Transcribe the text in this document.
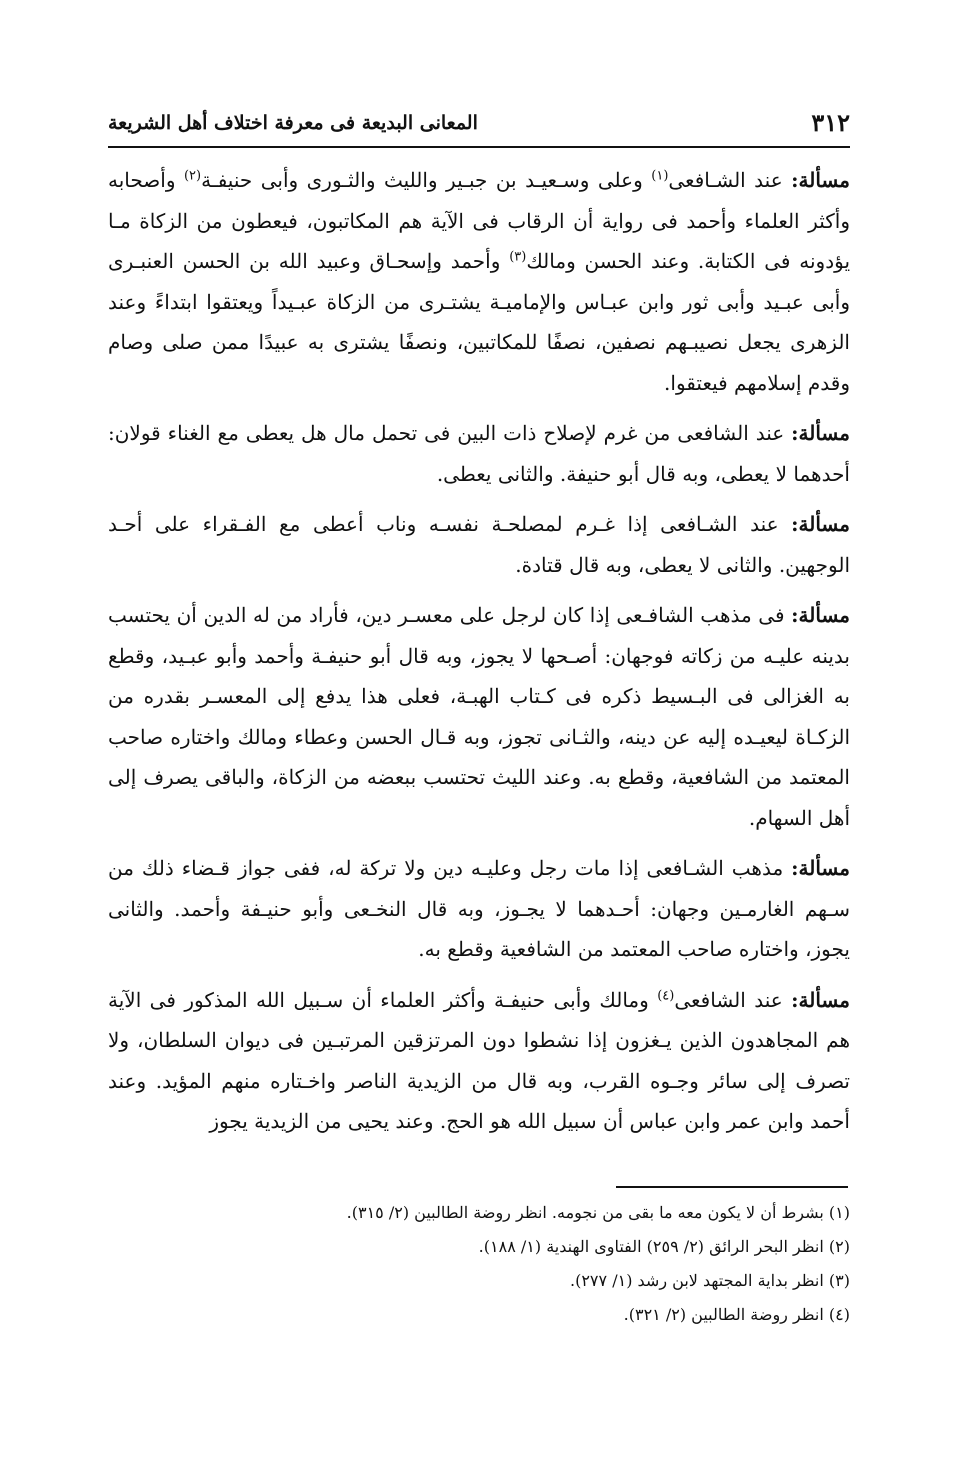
٣١٢
المعانى البديعة فى معرفة اختلاف أهل الشريعة

مسألة: عند الشـافعى$^{(١)}$ وعلى وسـعيـد بن جبـير والليث والثـورى وأبى حنيفـة$^{(٢)}$ وأصحابه وأكثر العلماء وأحمد فى رواية أن الرقاب فى الآية هم المكاتبون، فيعطون من الزكاة مـا يؤدونه فى الكتابة. وعند الحسن ومالك$^{(٣)}$ وأحمد وإسحـاق وعبيد الله بن الحسن العنبـرى وأبى عبـيد وأبى ثور وابن عبـاس والإماميـة يشتـرى من الزكاة عبـيداً ويعتقوا ابتداءً وعند الزهرى يجعل نصيبـهم نصفين، نصفًا للمكاتبين، ونصفًا يشترى به عبيدًا ممن صلى وصام وقدم إسلامهم فيعتقوا.

مسألة: عند الشافعى من غرم لإصلاح ذات البين فى تحمل مال هل يعطى مع الغناء قولان: أحدهما لا يعطى، وبه قال أبو حنيفة. والثانى يعطى.

مسألة: عند الشـافعى إذا غـرم لمصلحـة نفسـه وناب أعطى مع الفـقراء على أحـد الوجهين. والثانى لا يعطى، وبه قال قتادة.

مسألة: فى مذهب الشافـعى إذا كان لرجل على معسـر دين، فأراد من له الدين أن يحتسب بدينه عليـه من زكاته فوجهان: أصـحها لا يجوز، وبه قال أبو حنيفـة وأحمد وأبو عبـيد، وقطع به الغزالى فى البـسيط ذكره فى كـتاب الهبـة، فعلى هذا يدفع إلى المعسـر بقدره من الزكـاة ليعيـده إليه عن دينه، والثـانى تجوز، وبه قـال الحسن وعطاء ومالك واختاره صاحب المعتمد من الشافعية، وقطع به. وعند الليث تحتسب ببعضه من الزكاة، والباقى يصرف إلى أهل السهام.

مسألة: مذهب الشـافعى إذا مات رجل وعليـه دين ولا تركة له، ففى جواز قـضاء ذلك من سـهم الغارمـين وجهان: أحـدهما لا يجـوز، وبه قال النخـعى وأبو حنيـفة وأحمد. والثانى يجوز، واختاره صاحب المعتمد من الشافعية وقطع به.

مسألة: عند الشافعى$^{(٤)}$ ومالك وأبى حنيفـة وأكثر العلماء أن سـبيل الله المذكور فى الآية هم المجاهدون الذين يـغزون إذا نشطوا دون المرتزقين المرتبـين فى ديوان السلطان، ولا تصرف إلى سائر وجـوه القرب، وبه قال من الزيدية الناصر واخـتاره منهم المؤيد. وعند أحمد وابن عمر وابن عباس أن سبيل الله هو الحج. وعند يحيى من الزيدية يجوز

(١) بشرط أن لا يكون معه ما بقى من نجومه. انظر روضة الطالبين (٢/ ٣١٥).

(٢) انظر البحر الرائق (٢/ ٢٥٩) الفتاوى الهندية (١/ ١٨٨).

(٣) انظر بداية المجتهد لابن رشد (١/ ٢٧٧).

(٤) انظر روضة الطالبين (٢/ ٣٢١).
